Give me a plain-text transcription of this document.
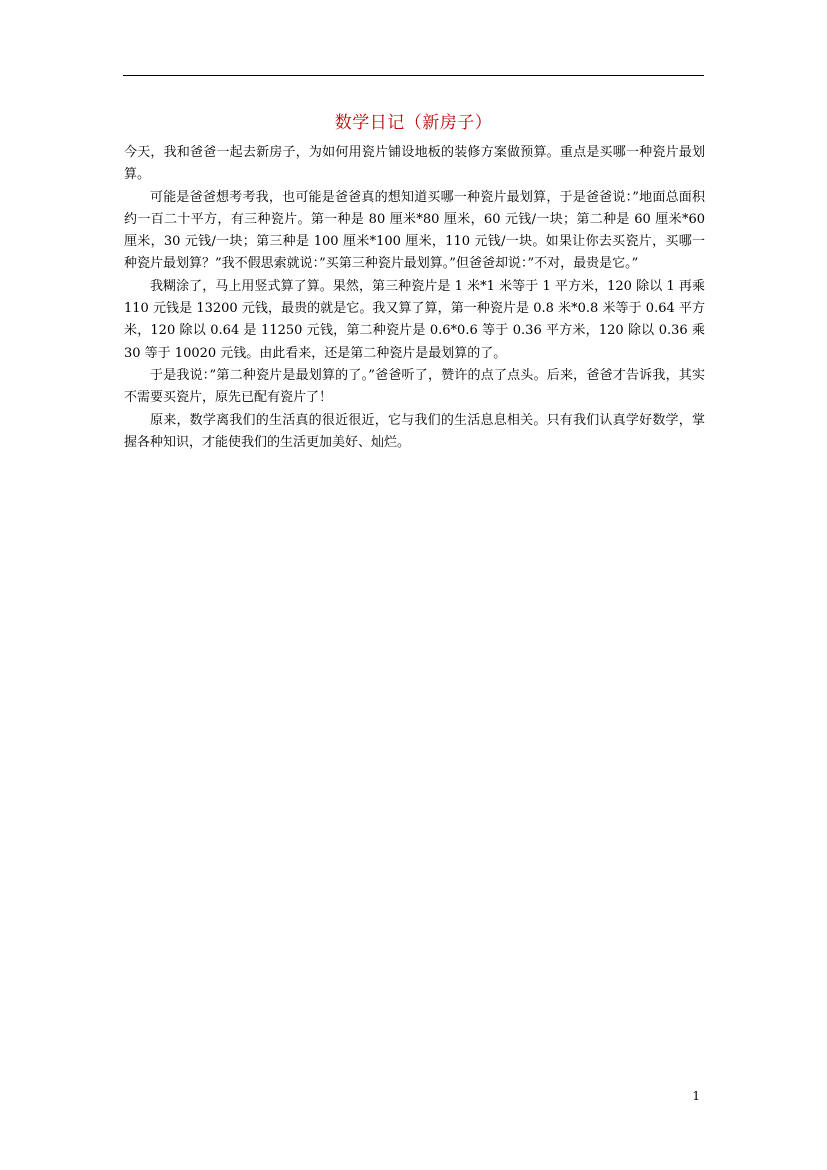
数学日记（新房子）

今天，我和爸爸一起去新房子，为如何用瓷片铺设地板的装修方案做预算。重点是买哪一种瓷片最划算。

可能是爸爸想考考我，也可能是爸爸真的想知道买哪一种瓷片最划算，于是爸爸说：”地面总面积约一百二十平方，有三种瓷片。第一种是 80 厘米*80 厘米，60 元钱/一块；第二种是 60 厘米*60 厘米，30 元钱/一块；第三种是 100 厘米*100 厘米，110 元钱/一块。如果让你去买瓷片，买哪一种瓷片最划算？”我不假思索就说：”买第三种瓷片最划算。”但爸爸却说：”不对，最贵是它。”

我糊涂了，马上用竖式算了算。果然，第三种瓷片是 1 米*1 米等于 1 平方米，120 除以 1 再乘 110 元钱是 13200 元钱，最贵的就是它。我又算了算，第一种瓷片是 0.8 米*0.8 米等于 0.64 平方米，120 除以 0.64 是 11250 元钱，第二种瓷片是 0.6*0.6 等于 0.36 平方米，120 除以 0.36 乘 30 等于 10020 元钱。由此看来，还是第二种瓷片是最划算的了。

于是我说：”第二种瓷片是最划算的了。”爸爸听了，赞许的点了点头。后来，爸爸才告诉我，其实不需要买瓷片，原先已配有瓷片了！

原来，数学离我们的生活真的很近很近，它与我们的生活息息相关。只有我们认真学好数学，掌握各种知识，才能使我们的生活更加美好、灿烂。

1
